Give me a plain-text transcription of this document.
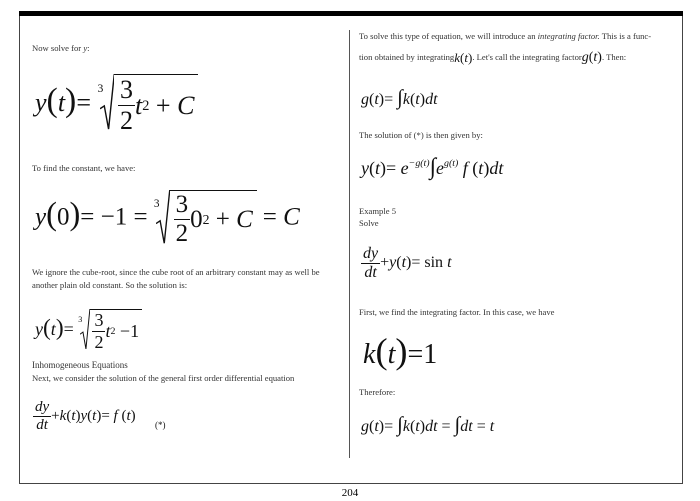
Now solve for y:

$y(t)= 3 \frac{3}{2}$ t 2
+ C

To find the constant, we have:

$y(0)= -1 = 3 \frac{3}{2} 0$ 2
+ C = C

We ignore the cube-root, since the cube root of an arbitrary constant may as well be another plain old constant. So the solution is:

$y(t)= 3 \frac{3}{2}$ t 2
−1

Inhomogeneous Equations

Next, we consider the solution of the general first order differential equation

$\frac{dy}{dt} +k(t)y(t)= f$ (t)
(*)

To solve this type of equation, we will introduce an integrating factor. This is a func-

tion obtained by integrating k(t) . Let's call the integrating factor g(t) . Then:

g(t)= ∫k(t)dt

The solution of (*) is then given by:

$y(t)= e^{-g(t)}\int e^{g(t)}$ f (t)dt

Example 5

Solve

$\frac{dy}{dt} +y(t)= \sin t$

First, we find the integrating factor. In this case, we have

k(t)=1

Therefore:

g(t)= ∫k(t)dt = ∫dt = t
204
